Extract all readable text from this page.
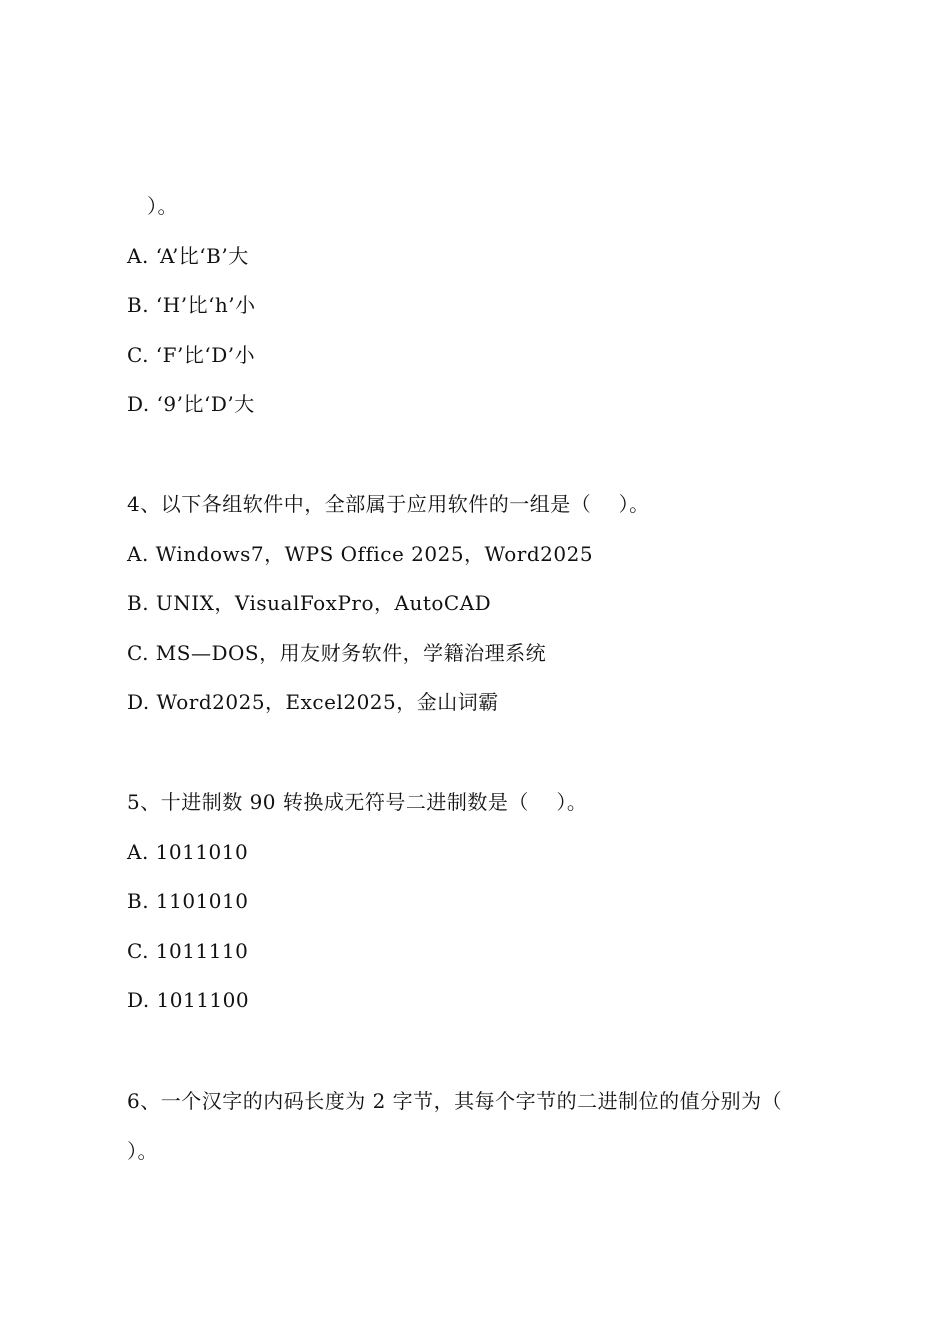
）。
A. ‘A’比‘B’大
B. ‘H’比‘h’小
C. ‘F’比‘D’小
D. ‘9’比‘D’大
4、以下各组软件中，全部属于应用软件的一组是（    ）。
A. Windows7，WPS Office 2025，Word2025
B. UNIX，VisualFoxPro，AutoCAD
C. MS—DOS，用友财务软件，学籍治理系统
D. Word2025，Excel2025，金山词霸
5、十进制数 90 转换成无符号二进制数是（    ）。
A. 1011010
B. 1101010
C. 1011110
D. 1011100
6、一个汉字的内码长度为 2 字节，其每个字节的二进制位的值分别为（
）。
